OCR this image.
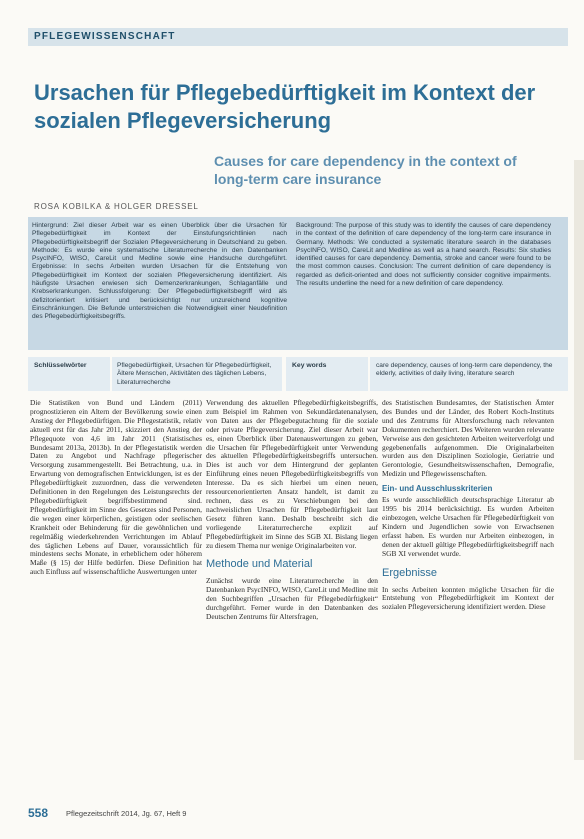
PFLEGEWISSENSCHAFT
Ursachen für Pflegebedürftigkeit im Kontext der sozialen Pflegeversicherung
Causes for care dependency in the context of long-term care insurance
ROSA KOBILKA & HOLGER DRESSEL
Hintergrund: Ziel dieser Arbeit war es einen Überblick über die Ursachen für Pflegebedürftigkeit im Kontext der Einstufungsrichtlinien nach Pflegebedürftigkeitsbegriff der Sozialen Pflegeversicherung in Deutschland zu geben. Methode: Es wurde eine systematische Literaturrecherche in den Datenbanken PsycINFO, WISO, CareLit und Medline sowie eine Handsuche durchgeführt. Ergebnisse: In sechs Arbeiten wurden Ursachen für die Entstehung von Pflegebedürftigkeit im Kontext der sozialen Pflegeversicherung identifiziert. Als häufigste Ursachen erwiesen sich Demenzerkrankungen, Schlaganfälle und Krebserkrankungen. Schlussfolgerung: Der Pflegebedürftigkeitsbegriff wird als defizitorientiert kritisiert und berücksichtigt nur unzureichend kognitive Einschränkungen. Die Befunde unterstreichen die Notwendigkeit einer Neudefinition des Pflegebedürftigkeitsbegriffs.
Background: The purpose of this study was to identify the causes of care dependency in the context of the definition of care dependency of the long-term care insurance in Germany. Methods: We conducted a systematic literature search in the databases PsycINFO, WISO, CareLit and Medline as well as a hand search. Results: Six studies identified causes for care dependency. Dementia, stroke and cancer were found to be the most common causes. Conclusion: The current definition of care dependency is regarded as deficit-oriented and does not sufficiently consider cognitive impairments. The results underline the need for a new definition of care dependency.
Schlüsselwörter	Pflegebedürftigkeit, Ursachen für Pflegebedürftigkeit, Ältere Menschen, Aktivitäten des täglichen Lebens, Literaturrecherche
Key words	care dependency, causes of long-term care dependency, the elderly, activities of daily living, literature search

Die Statistiken von Bund und Ländern (2011) prognostizieren ein Altern der Bevölkerung sowie einen Anstieg der Pflegebedürftigen. Die Pflegestatistik, relativ aktuell erst für das Jahr 2011, skizziert den Anstieg der Pflegequote von 4,6 im Jahr 2011 (Statistisches Bundesamt 2013a, 2013b). In der Pflegestatistik werden Daten zu Angebot und Nachfrage pflegerischer Versorgung zusammengestellt. Bei Betrachtung, u.a. in Erwartung von demografischen Entwicklungen, ist es der Pflegebedürftigkeit zuzuordnen, dass die verwendeten Definitionen in den Regelungen des Leistungsrechts der Pflegebedürftigkeit begriffsbestimmend sind. Pflegebedürftigkeit im Sinne des Gesetzes sind Personen, die wegen einer körperlichen, geistigen oder seelischen Krankheit oder Behinderung für die gewöhnlichen und regelmäßig wiederkehrenden Verrichtungen im Ablauf des täglichen Lebens auf Dauer, voraussichtlich für mindestens sechs Monate, in erheblichem oder höherem Maße (§ 15) der Hilfe bedürfen. Diese Definition hat auch Einfluss auf wissenschaftliche Auswertungen unter

Verwendung des aktuellen Pflegebedürftigkeitsbegriffs, zum Beispiel im Rahmen von Sekundärdatenanalysen, von Daten aus der Pflegebegutachtung für die soziale oder private Pflegeversicherung. Ziel dieser Arbeit war es, einen Überblick über Datenauswertungen zu geben, die Ursachen für Pflegebedürftigkeit unter Verwendung des aktuellen Pflegebedürftigkeitsbegriffs untersuchen. Dies ist auch vor dem Hintergrund der geplanten Einführung eines neuen Pflegebedürftigkeitsbegriffs von Interesse. Da es sich hierbei um einen neuen, ressourcenorientierten Ansatz handelt, ist damit zu rechnen, dass es zu Verschiebungen bei den nachweislichen Ursachen für Pflegebedürftigkeit laut Gesetz führen kann. Deshalb beschreibt sich die vorliegende Literaturrecherche explizit auf Pflegebedürftigkeit im Sinne des SGB XI. Bislang liegen zu diesem Thema nur wenige Originalarbeiten vor.

Methode und Material

Zunächst wurde eine Literaturrecherche in den Datenbanken PsycINFO, WISO, CareLit und Medline mit den Suchbegriffen „Ursachen für Pflegebedürftigkeit“ durchgeführt. Ferner wurde in den Datenbanken des Deutschen Zentrums für Altersfragen,

des Statistischen Bundesamtes, der Statistischen Ämter des Bundes und der Länder, des Robert Koch-Instituts und des Zentrums für Altersforschung nach relevanten Dokumenten recherchiert. Des Weiteren wurden relevante Verweise aus den gesichteten Arbeiten weiterverfolgt und gegebenenfalls aufgenommen. Die Originalarbeiten wurden aus den Disziplinen Soziologie, Geriatrie und Gerontologie, Gesundheitswissenschaften, Demografie, Medizin und Pflegewissenschaften.

Ein- und Ausschlusskriterien

Es wurde ausschließlich deutschsprachige Literatur ab 1995 bis 2014 berücksichtigt. Es wurden Arbeiten einbezogen, welche Ursachen für Pflegebedürftigkeit von Kindern und Jugendlichen sowie von Erwachsenen erfasst haben. Es wurden nur Arbeiten einbezogen, in denen der aktuell gültige Pflegebedürftigkeitsbegriff nach SGB XI verwendet wurde.

Ergebnisse

In sechs Arbeiten konnten mögliche Ursachen für die Entstehung von Pflegebedürftigkeit im Kontext der sozialen Pflegeversicherung identifiziert werden. Diese

558 Pflegezeitschrift 2014, Jg. 67, Heft 9
